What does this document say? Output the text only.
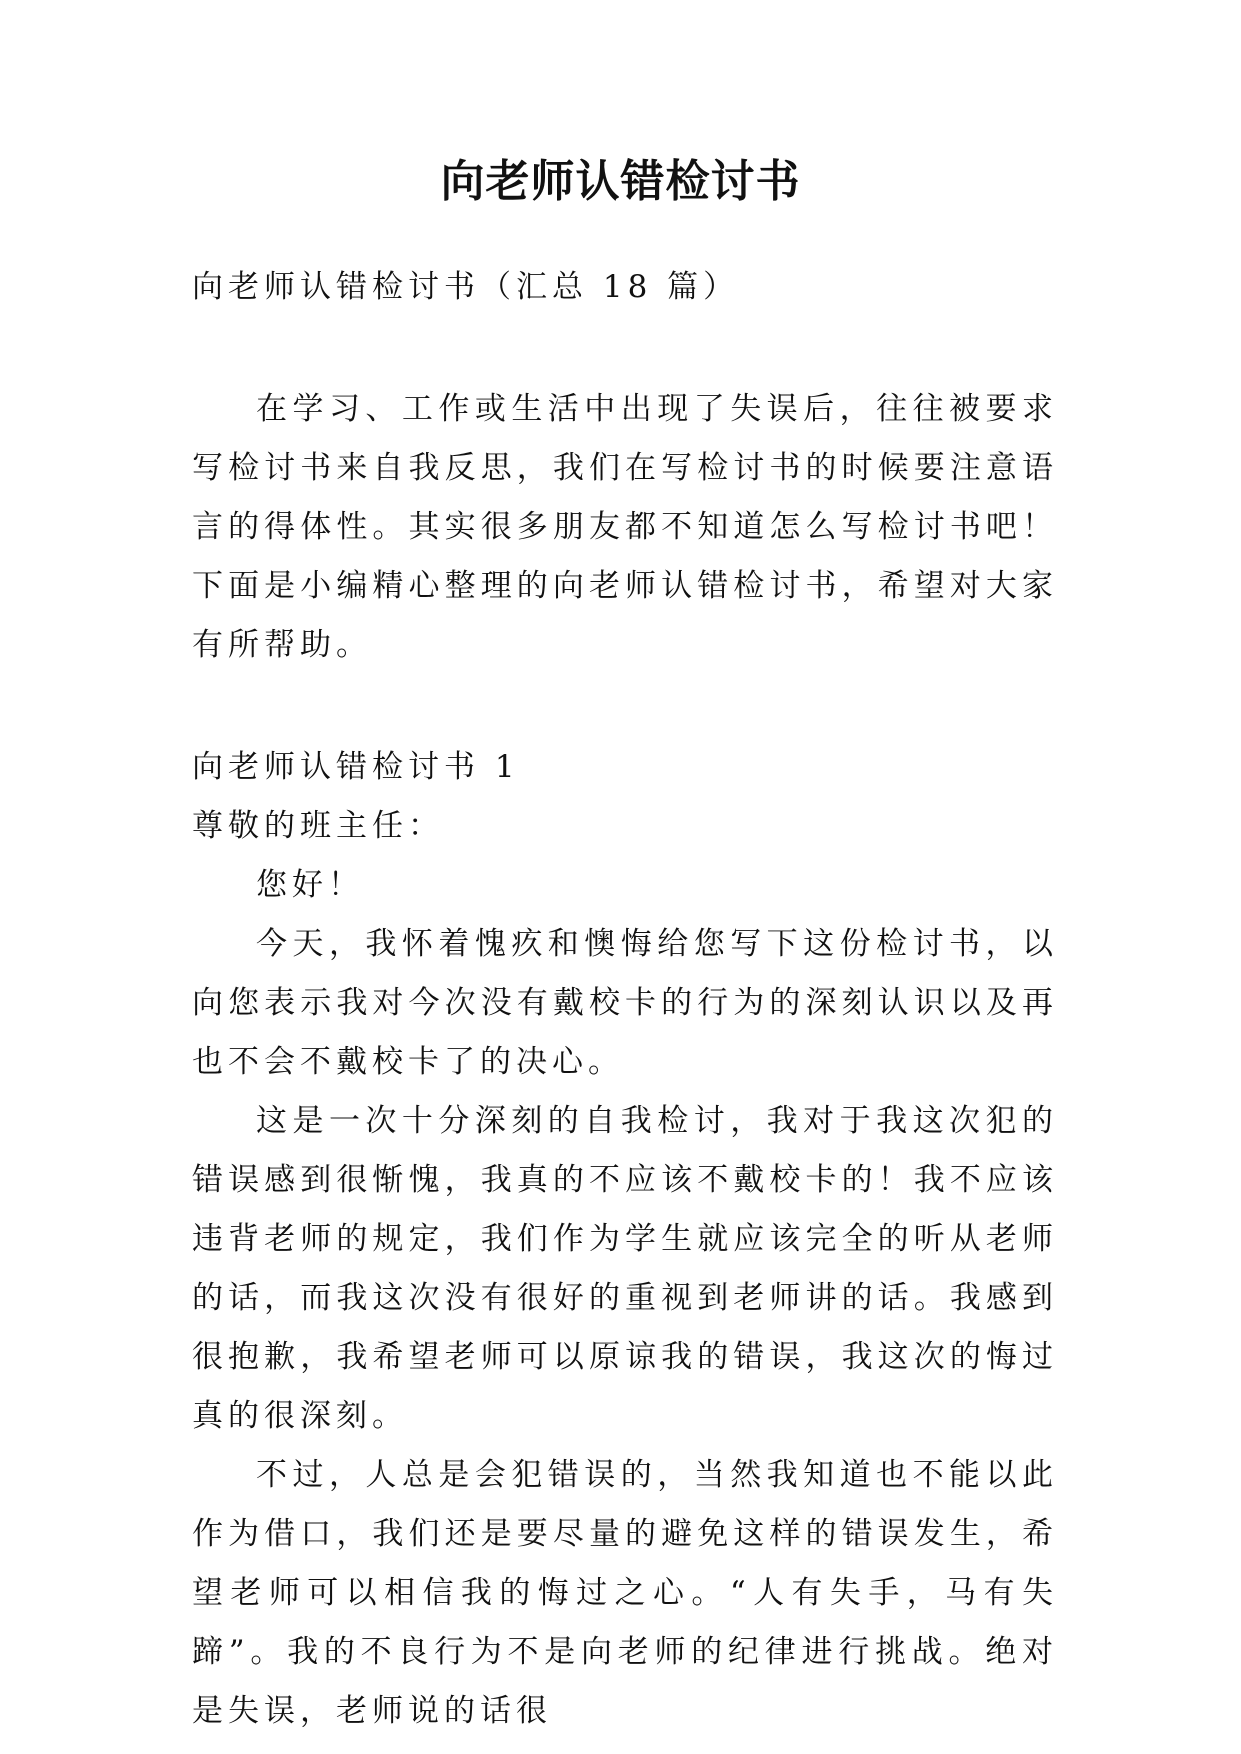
向老师认错检讨书

向老师认错检讨书（汇总 18 篇）

在学习、工作或生活中出现了失误后，往往被要求写检讨书来自我反思，我们在写检讨书的时候要注意语言的得体性。其实很多朋友都不知道怎么写检讨书吧！下面是小编精心整理的向老师认错检讨书，希望对大家有所帮助。

向老师认错检讨书 1

尊敬的班主任：

您好！

今天，我怀着愧疚和懊悔给您写下这份检讨书，以向您表示我对今次没有戴校卡的行为的深刻认识以及再也不会不戴校卡了的决心。

这是一次十分深刻的自我检讨，我对于我这次犯的错误感到很惭愧，我真的不应该不戴校卡的！我不应该违背老师的规定，我们作为学生就应该完全的听从老师的话，而我这次没有很好的重视到老师讲的话。我感到很抱歉，我希望老师可以原谅我的错误，我这次的悔过真的很深刻。

不过，人总是会犯错误的，当然我知道也不能以此作为借口，我们还是要尽量的避免这样的错误发生，希望老师可以相信我的悔过之心。“人有失手，马有失蹄”。我的不良行为不是向老师的纪律进行挑战。绝对是失误，老师说的话很
